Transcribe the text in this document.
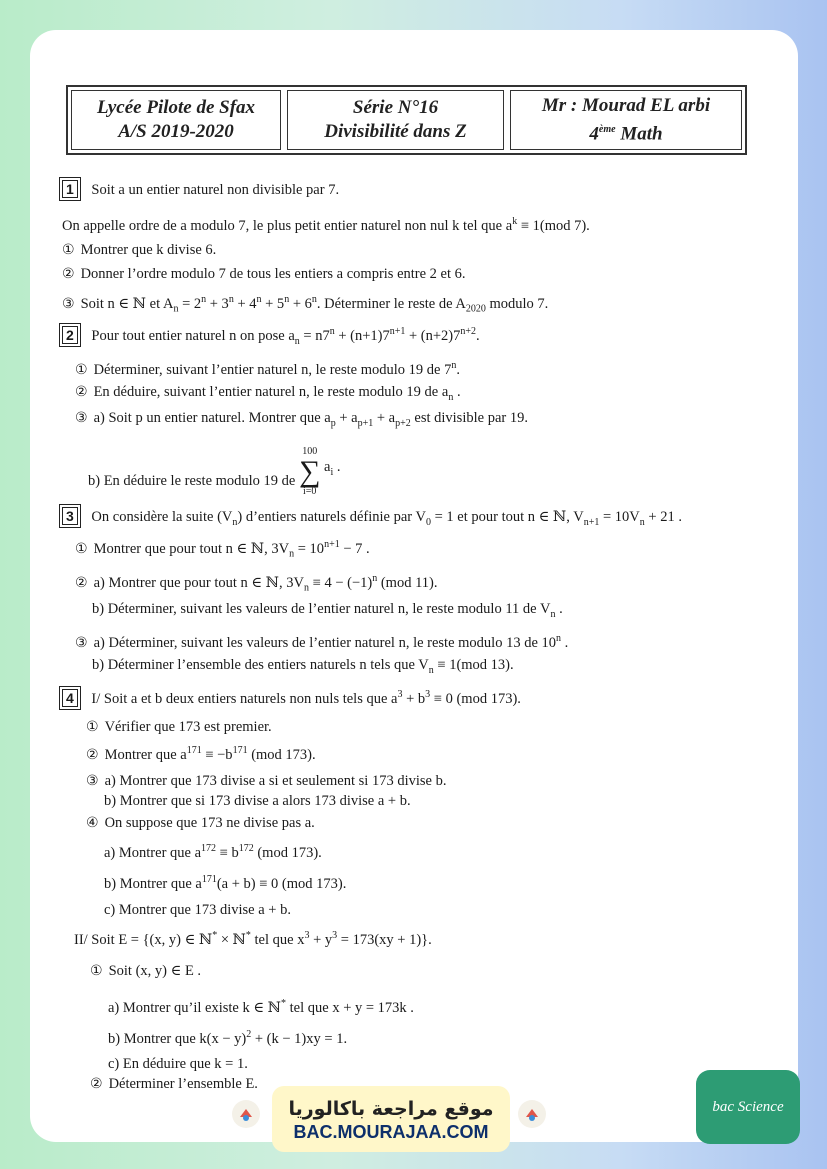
Lycée Pilote de Sfax
A/S 2019-2020
Série N°16
Divisibilité dans Z
Mr : Mourad EL arbi
4ème Math
1 Soit a un entier naturel non divisible par 7.
On appelle ordre de a modulo 7, le plus petit entier naturel non nul k tel que $a^k \equiv 1(mod$ 7).
① Montrer que k divise 6.
② Donner l’ordre modulo 7 de tous les entiers a compris entre 2 et 6.
③ Soit n ∈ ℕ et $A_n = 2^n + 3^n + 4^n + 5^n + 6^n$. Déterminer le reste de $A_{2020}$ modulo 7.
2 Pour tout entier naturel n on pose $a_n = n7^n + (n+1)7^{n+1} + (n+2)7^{n+2}$.
① Déterminer, suivant l’entier naturel n, le reste modulo 19 de 7$^n$.
② En déduire, suivant l’entier naturel n, le reste modulo 19 de $a_n$ .
③ a) Soit p un entier naturel. Montrer que $a_p + a_{p+1} + a_{p+2}$ est divisible par 19.
b) En déduire le reste modulo 19 de
100
∑
i=0
$a_i$ .
3 On considère la suite $(V_n)$ d’entiers naturels définie par $V_0 = 1$ et pour tout n ∈ ℕ, $V_{n+1} = 10V_n + 21$ .
① Montrer que pour tout n ∈ ℕ, $3V_n = 10^{n+1} - 7$ .
② a) Montrer que pour tout n ∈ ℕ, $3V_n \equiv 4 - (-1)^n$ (mod 11).
b) Déterminer, suivant les valeurs de l’entier naturel n, le reste modulo 11 de $V_n$ .
③ a) Déterminer, suivant les valeurs de l’entier naturel n, le reste modulo 13 de 10$^n$ .
b) Déterminer l’ensemble des entiers naturels n tels que $V_n \equiv 1(mod$ 13).
4 I/ Soit a et b deux entiers naturels non nuls tels que $a^3 + b^3 \equiv 0$ (mod 173).
① Vérifier que 173 est premier.
② Montrer que $a^{171} \equiv -b^{171}$ (mod 173).
③ a) Montrer que 173 divise a si et seulement si 173 divise b.
b) Montrer que si 173 divise a alors 173 divise a + b.
④ On suppose que 173 ne divise pas a.
a) Montrer que $a^{172} \equiv b^{172}$ (mod 173).
b) Montrer que $a^{171}(a + b) \equiv 0$ (mod 173).
c) Montrer que 173 divise a + b.
II/ Soit E = {(x, y) ∈ ℕ* × ℕ* tel que $x^3 + y^3 = 173(xy + 1)$}.
① Soit (x, y) ∈ E .
a) Montrer qu’il existe k ∈ ℕ* tel que x + y = 173k .
b) Montrer que $k(x - y)^2 + (k - 1)xy = 1$.
c) En déduire que k = 1.
② Déterminer l’ensemble E.
موقع مراجعة باكالوريا
BAC.MOURAJAA.COM
bac Science
